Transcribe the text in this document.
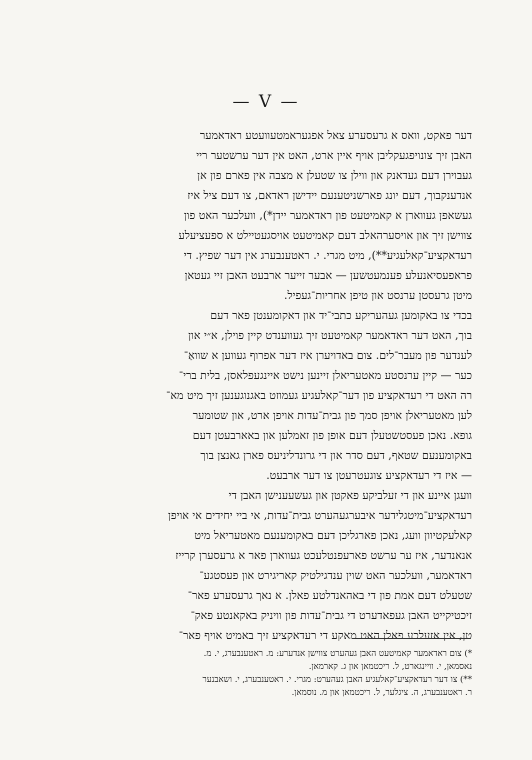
— V —
דער פאקט, וואס א גרעסערע צאל אפגעראמטעוועטע ראדאמער
האבן זיך צונויפגעקליבן אויף איין ארט, האט אין דער ערשטער ריי
געבוירן דעם געדאנק און ווילן צו שטעלן א מצבה אין פארם פון אן
אנדענקבוך, דעם יונג פארשניטענעם יידישן ראדאם, צו דעם ציל איז
געשאפן געווארן א קאמיטעט פון ראדאמער יידן*), וועלכער האט פון
צווישן זיך און אויסערהאלב דעם קאמיטעט אויסגעטיילט א ספעציעלע
רעדאקציע־קאלעגיע**), מיט מגרי. י. ראטענבערג אין דער שפיץ. די
פראפעסיאנעלע פענמעטשען — אבער זייער ארבעט האבן זיי געטאן
מיטן גרעסטן ערנסט און טיפן אחריות־געפיל.
בכדי צו באקומען געהעריקע כתבי־יד און דאקומענטן פאר דעם
בוך, האט דער ראדאמער קאמיטעט זיך געווענדט קיין פוילן, א״י און
לענדער פון מעבר־לים. צום באדויערן איז דער אפרוף געווען א שוואַ־
כער — קיין ערנסטע מאטעריאלן זיינען נישט איינגעפלאסן, בלית ברי־
רה האט די רעדאקציע פון דער־קאלעגיע געמוזט באגנוגענען זיך מיט מא־
לען מאטעריאלן אויפן סמך פון גבית־עדות אויפן ארט, און שטומער
גופא. נאכן פעסטשטעלן דעם אופן פון זאמלען און באארבעטן דעם
באקומענעם שטאף, דעם סדר און די גרונדליניעס פארן גאנצן בוך
— איז די רעדאקציע צוגעטרעטן צו דער ארבעט.
וועגן איינע און די זעלביקע פאקטן און געשעענישן האבן די
רעדאקציע־מיטגלידער איבערגעהערט גבית־עדות, אי ביי יחידים אי אויפן
קאלעקטיוון וועג, נאכן פארגליכן דעם באקומענעם מאטעריאל מיט
אנאנדער, איז ער ערשט פארעפנטלעכט געווארן פאר א גרעסערן קרייז
ראדאמער, וועלכער האט שוין ענדגילטיק קאריגירט און פעסטגע־
שטעלט דעם אמת פון די באהאנדלטע פאלן. א נאך גרעסערע פאר־
זיכטיקייט האבן געפאדערט די גבית־עדות פון וויניק באקאנטע פאק־
טן, אין אזעלכע פאלן האט מאקע די רעדאקציע זיך באמיט אויף פאר־
*) צום ראדאמער קאמיטעט האבן געהערט צווישן אנדערע: מ. ראטענבערג, י. מ.
נאסמאן, י. וויינגארט, ל. ריכטמאן און ג. קארמאן.
**) צו דער רעדאקציע־קאלעגיע האבן געהערט: מגרי. י. ראטענבערג, י. ושאבנער
ר. ראטענבערג, ה. ציגלער, ל. ריכטמאן און מ. נוסמאן.
